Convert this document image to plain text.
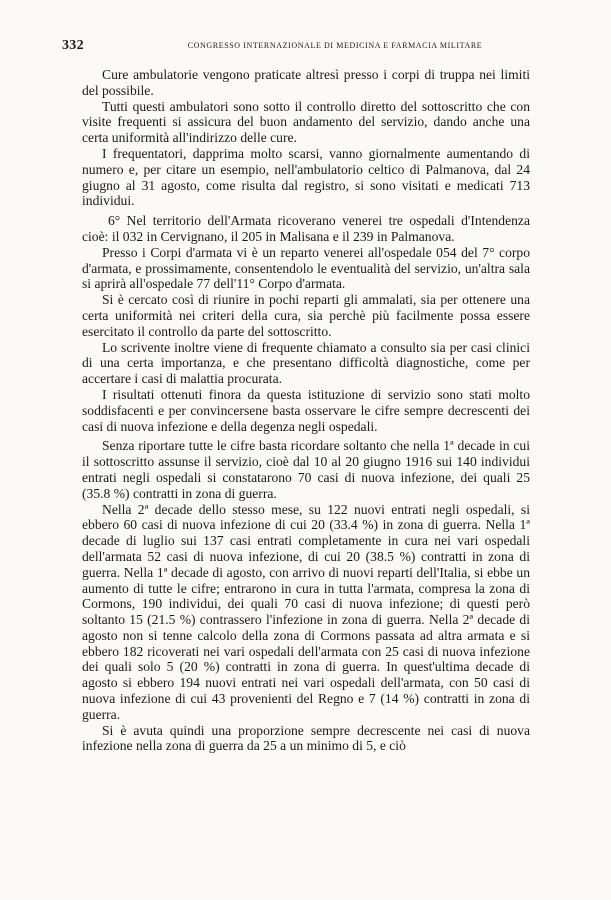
332	CONGRESSO INTERNAZIONALE DI MEDICINA E FARMACIA MILITARE

Cure ambulatorie vengono praticate altresì presso i corpi di truppa nei limiti del possibile.

Tutti questi ambulatori sono sotto il controllo diretto del sottoscritto che con visite frequenti si assicura del buon andamento del servizio, dando anche una certa uniformità all'indirizzo delle cure.

I frequentatori, dapprima molto scarsi, vanno giornalmente aumentando di numero e, per citare un esempio, nell'ambulatorio celtico di Palmanova, dal 24 giugno al 31 agosto, come risulta dal registro, si sono visitati e medicati 713 individui.

6° Nel territorio dell'Armata ricoverano venerei tre ospedali d'Intendenza cioè: il 032 in Cervignano, il 205 in Malisana e il 239 in Palmanova.

Presso i Corpi d'armata vi è un reparto venerei all'ospedale 054 del 7° corpo d'armata, e prossimamente, consentendolo le eventualità del servizio, un'altra sala si aprirà all'ospedale 77 dell'11° Corpo d'armata.

Si è cercato così di riunire in pochi reparti gli ammalati, sia per ottenere una certa uniformità nei criteri della cura, sia perchè più facilmente possa essere esercitato il controllo da parte del sottoscritto.

Lo scrivente inoltre viene di frequente chiamato a consulto sia per casi clinici di una certa importanza, e che presentano difficoltà diagnostiche, come per accertare i casi di malattia procurata.

I risultati ottenuti finora da questa istituzione di servizio sono stati molto soddisfacenti e per convincersene basta osservare le cifre sempre decrescenti dei casi di nuova infezione e della degenza negli ospedali.

Senza riportare tutte le cifre basta ricordare soltanto che nella 1ª decade in cui il sottoscritto assunse il servizio, cioè dal 10 al 20 giugno 1916 sui 140 individui entrati negli ospedali si constatarono 70 casi di nuova infezione, dei quali 25 (35.8 %) contratti in zona di guerra.

Nella 2ª decade dello stesso mese, su 122 nuovi entrati negli ospedali, si ebbero 60 casi di nuova infezione di cui 20 (33.4 %) in zona di guerra. Nella 1ª decade di luglio sui 137 casi entrati completamente in cura nei vari ospedali dell'armata 52 casi di nuova infezione, di cui 20 (38.5 %) contratti in zona di guerra. Nella 1ª decade di agosto, con arrivo di nuovi reparti dell'Italia, si ebbe un aumento di tutte le cifre; entrarono in cura in tutta l'armata, compresa la zona di Cormons, 190 individui, dei quali 70 casi di nuova infezione; di questi però soltanto 15 (21.5 %) contrassero l'infezione in zona di guerra. Nella 2ª decade di agosto non si tenne calcolo della zona di Cormons passata ad altra armata e si ebbero 182 ricoverati nei vari ospedali dell'armata con 25 casi di nuova infezione dei quali solo 5 (20 %) contratti in zona di guerra. In quest'ultima decade di agosto si ebbero 194 nuovi entrati nei vari ospedali dell'armata, con 50 casi di nuova infezione di cui 43 provenienti del Regno e 7 (14 %) contratti in zona di guerra.

Si è avuta quindi una proporzione sempre decrescente nei casi di nuova infezione nella zona di guerra da 25 a un minimo di 5, e ciò
